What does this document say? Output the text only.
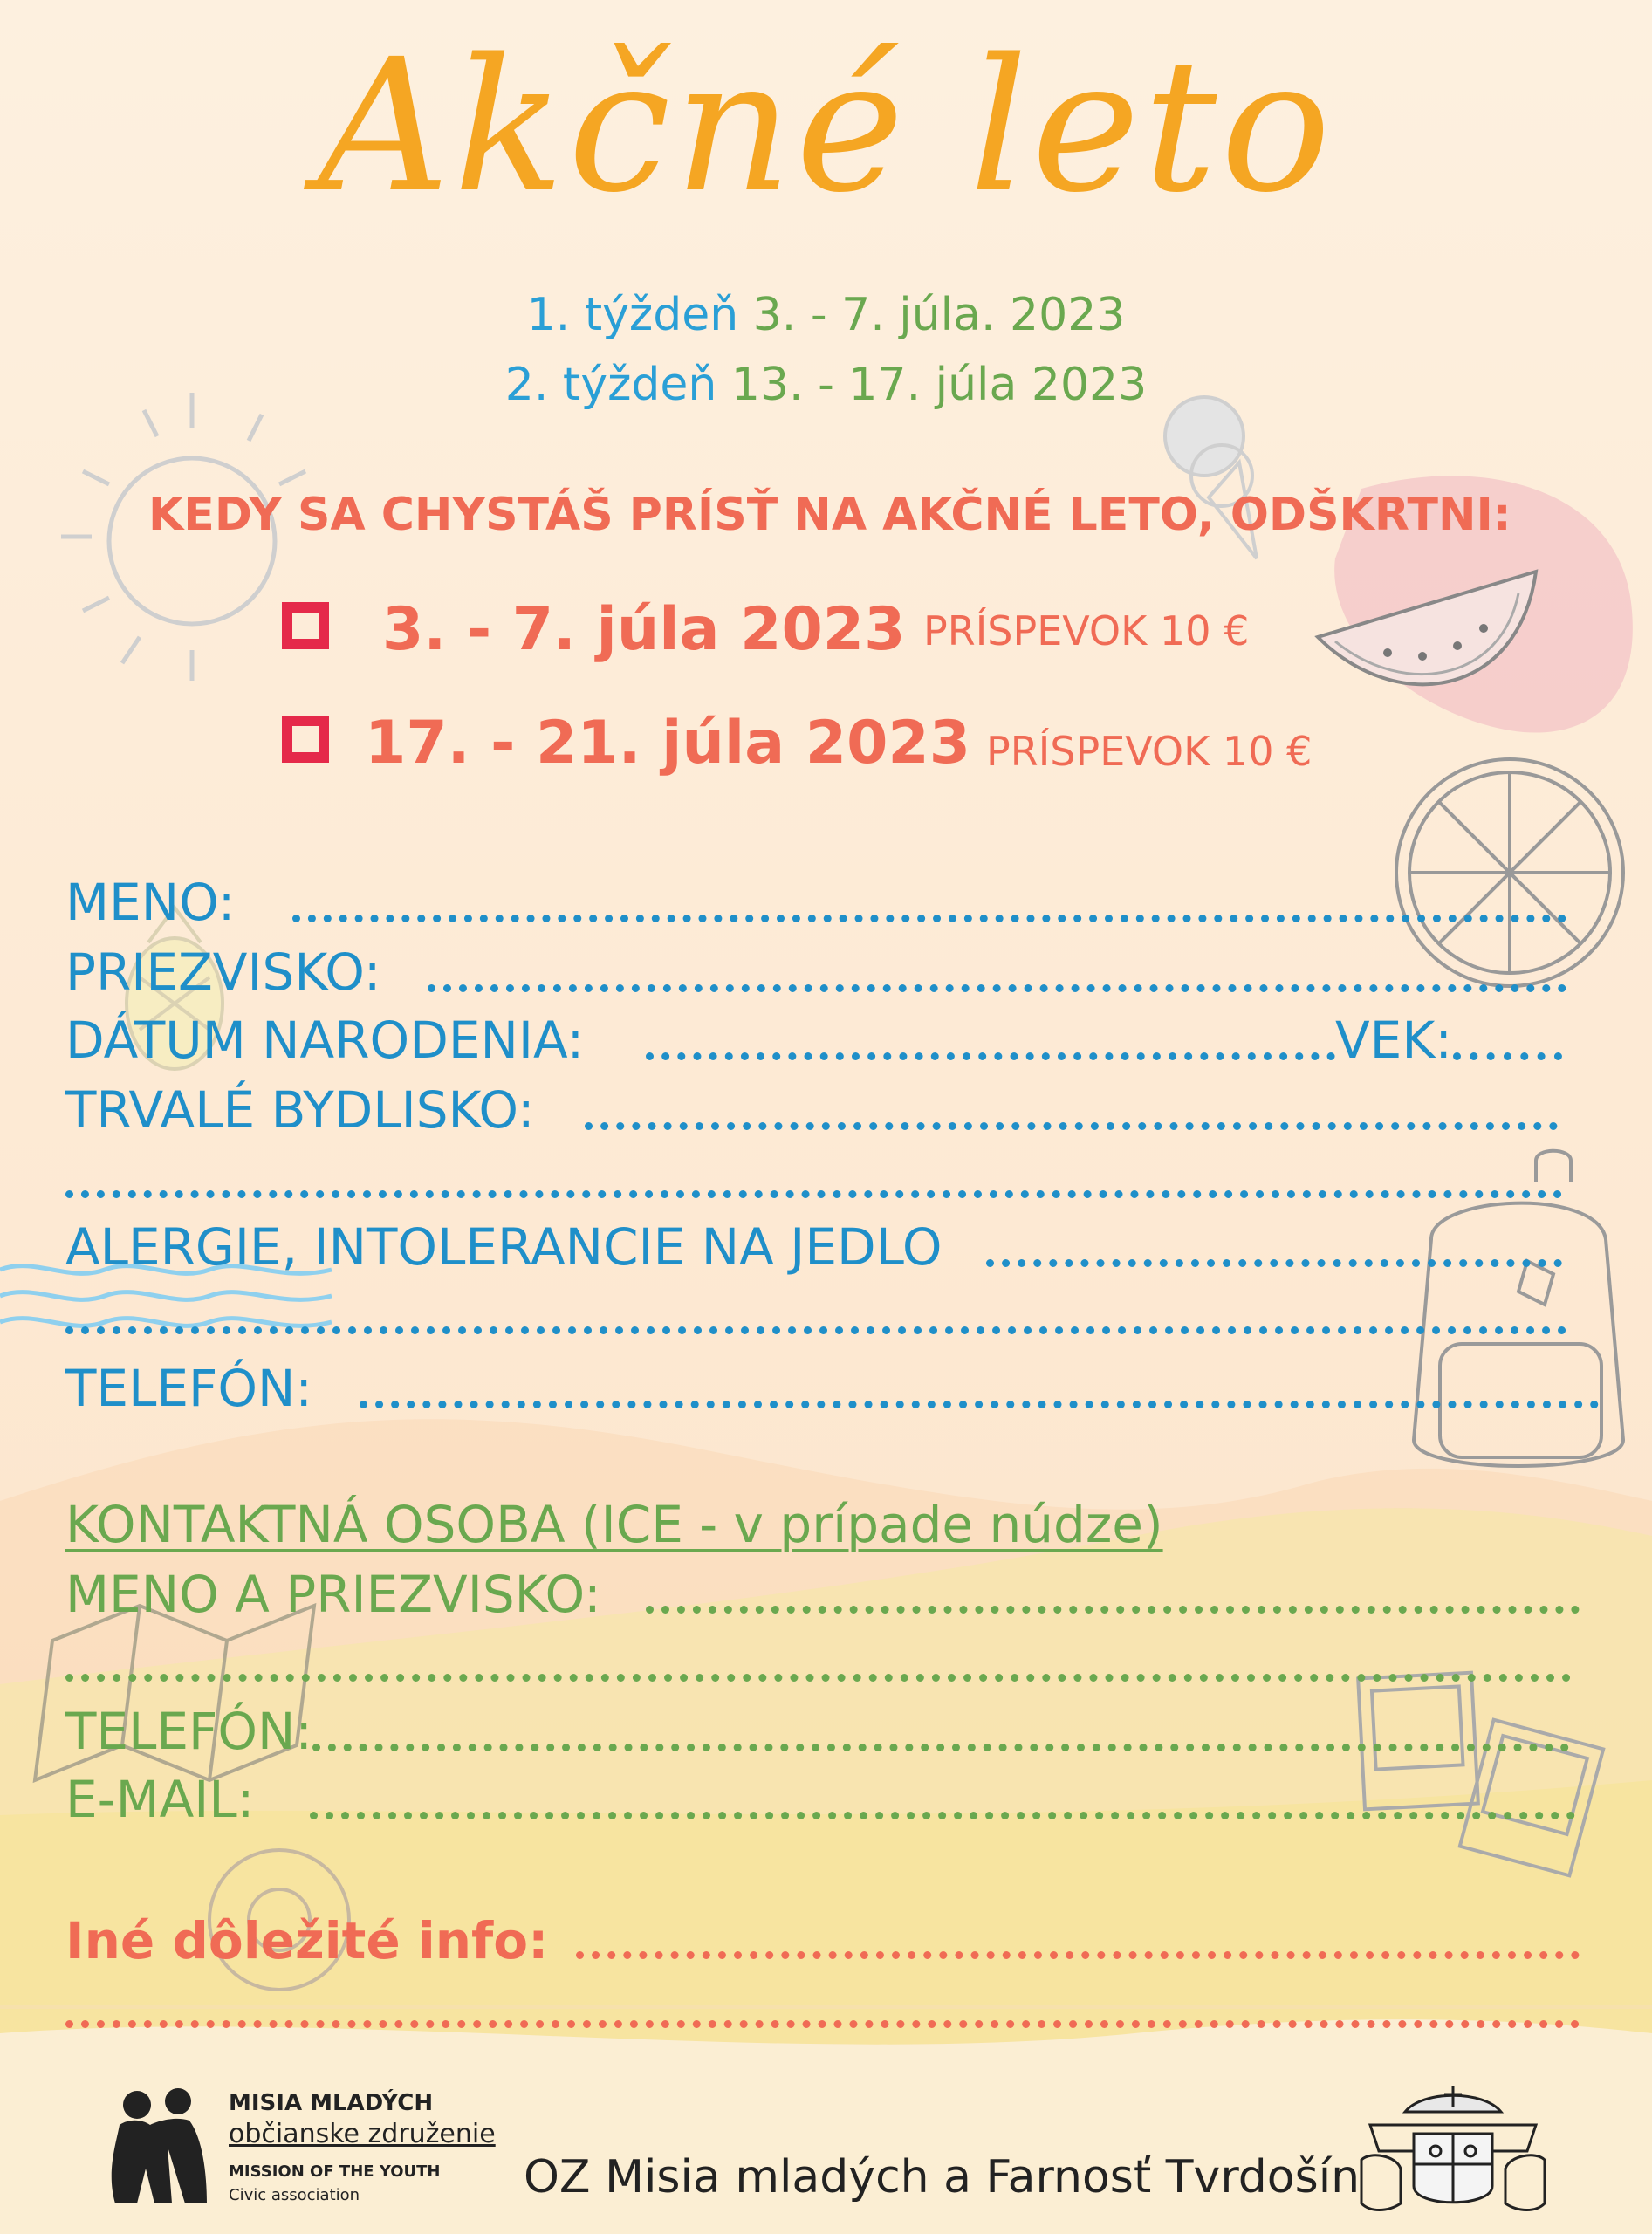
Akčné leto
1. týždeň 3. - 7. júla. 2023
2. týždeň 13. - 17. júla 2023
KEDY SA CHYSTÁŠ PRÍSŤ NA AKČNÉ LETO, ODŠKRTNI:
3. - 7. júla 2023 PRÍSPEVOK 10 €
17. - 21. júla 2023 PRÍSPEVOK 10 €
MENO:
PRIEZVISKO:
DÁTUM NARODENIA:	VEK:
TRVALÉ BYDLISKO:
ALERGIE, INTOLERANCIE NA JEDLO
TELEFÓN:
KONTAKTNÁ OSOBA (ICE - v prípade núdze)
MENO A PRIEZVISKO:
TELEFÓN:
E-MAIL:
Iné dôležité info:
MISIA MLADÝCH
občianske združenie
MISSION OF THE YOUTH
Civic association	OZ Misia mladých a Farnosť Tvrdošín
